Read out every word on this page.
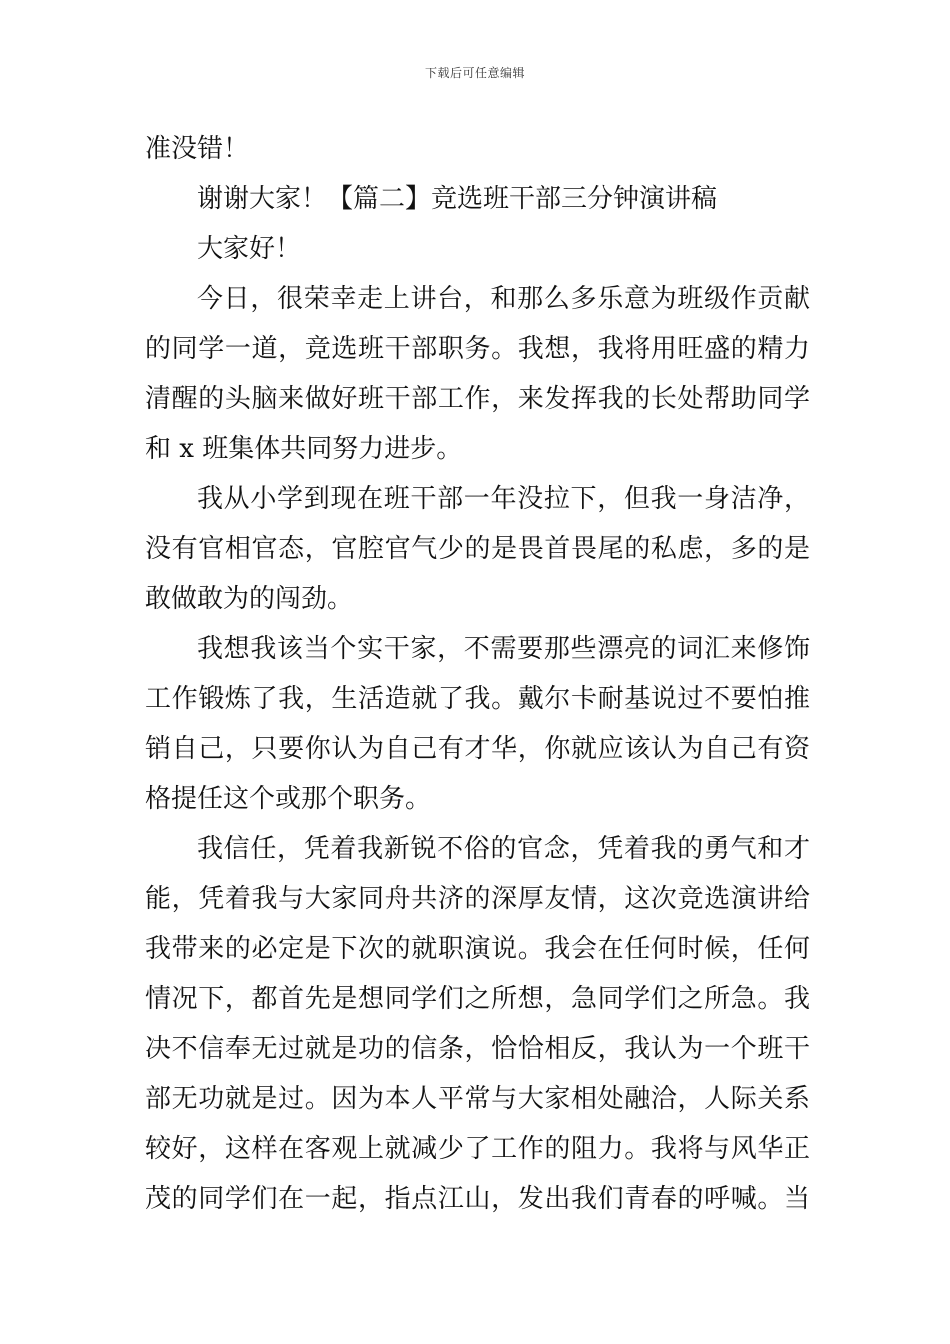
下载后可任意编辑
准没错！
谢谢大家！【篇二】竞选班干部三分钟演讲稿
大家好！
今日，很荣幸走上讲台，和那么多乐意为班级作贡献
的同学一道，竞选班干部职务。我想，我将用旺盛的精力
清醒的头脑来做好班干部工作，来发挥我的长处帮助同学
和 x 班集体共同努力进步。
我从小学到现在班干部一年没拉下，但我一身洁净，
没有官相官态，官腔官气少的是畏首畏尾的私虑，多的是
敢做敢为的闯劲。
我想我该当个实干家，不需要那些漂亮的词汇来修饰
工作锻炼了我，生活造就了我。戴尔卡耐基说过不要怕推
销自己，只要你认为自己有才华，你就应该认为自己有资
格提任这个或那个职务。
我信任，凭着我新锐不俗的官念，凭着我的勇气和才
能，凭着我与大家同舟共济的深厚友情，这次竞选演讲给
我带来的必定是下次的就职演说。我会在任何时候，任何
情况下，都首先是想同学们之所想，急同学们之所急。我
决不信奉无过就是功的信条，恰恰相反，我认为一个班干
部无功就是过。因为本人平常与大家相处融洽，人际关系
较好，这样在客观上就减少了工作的阻力。我将与风华正
茂的同学们在一起，指点江山，发出我们青春的呼喊。当
